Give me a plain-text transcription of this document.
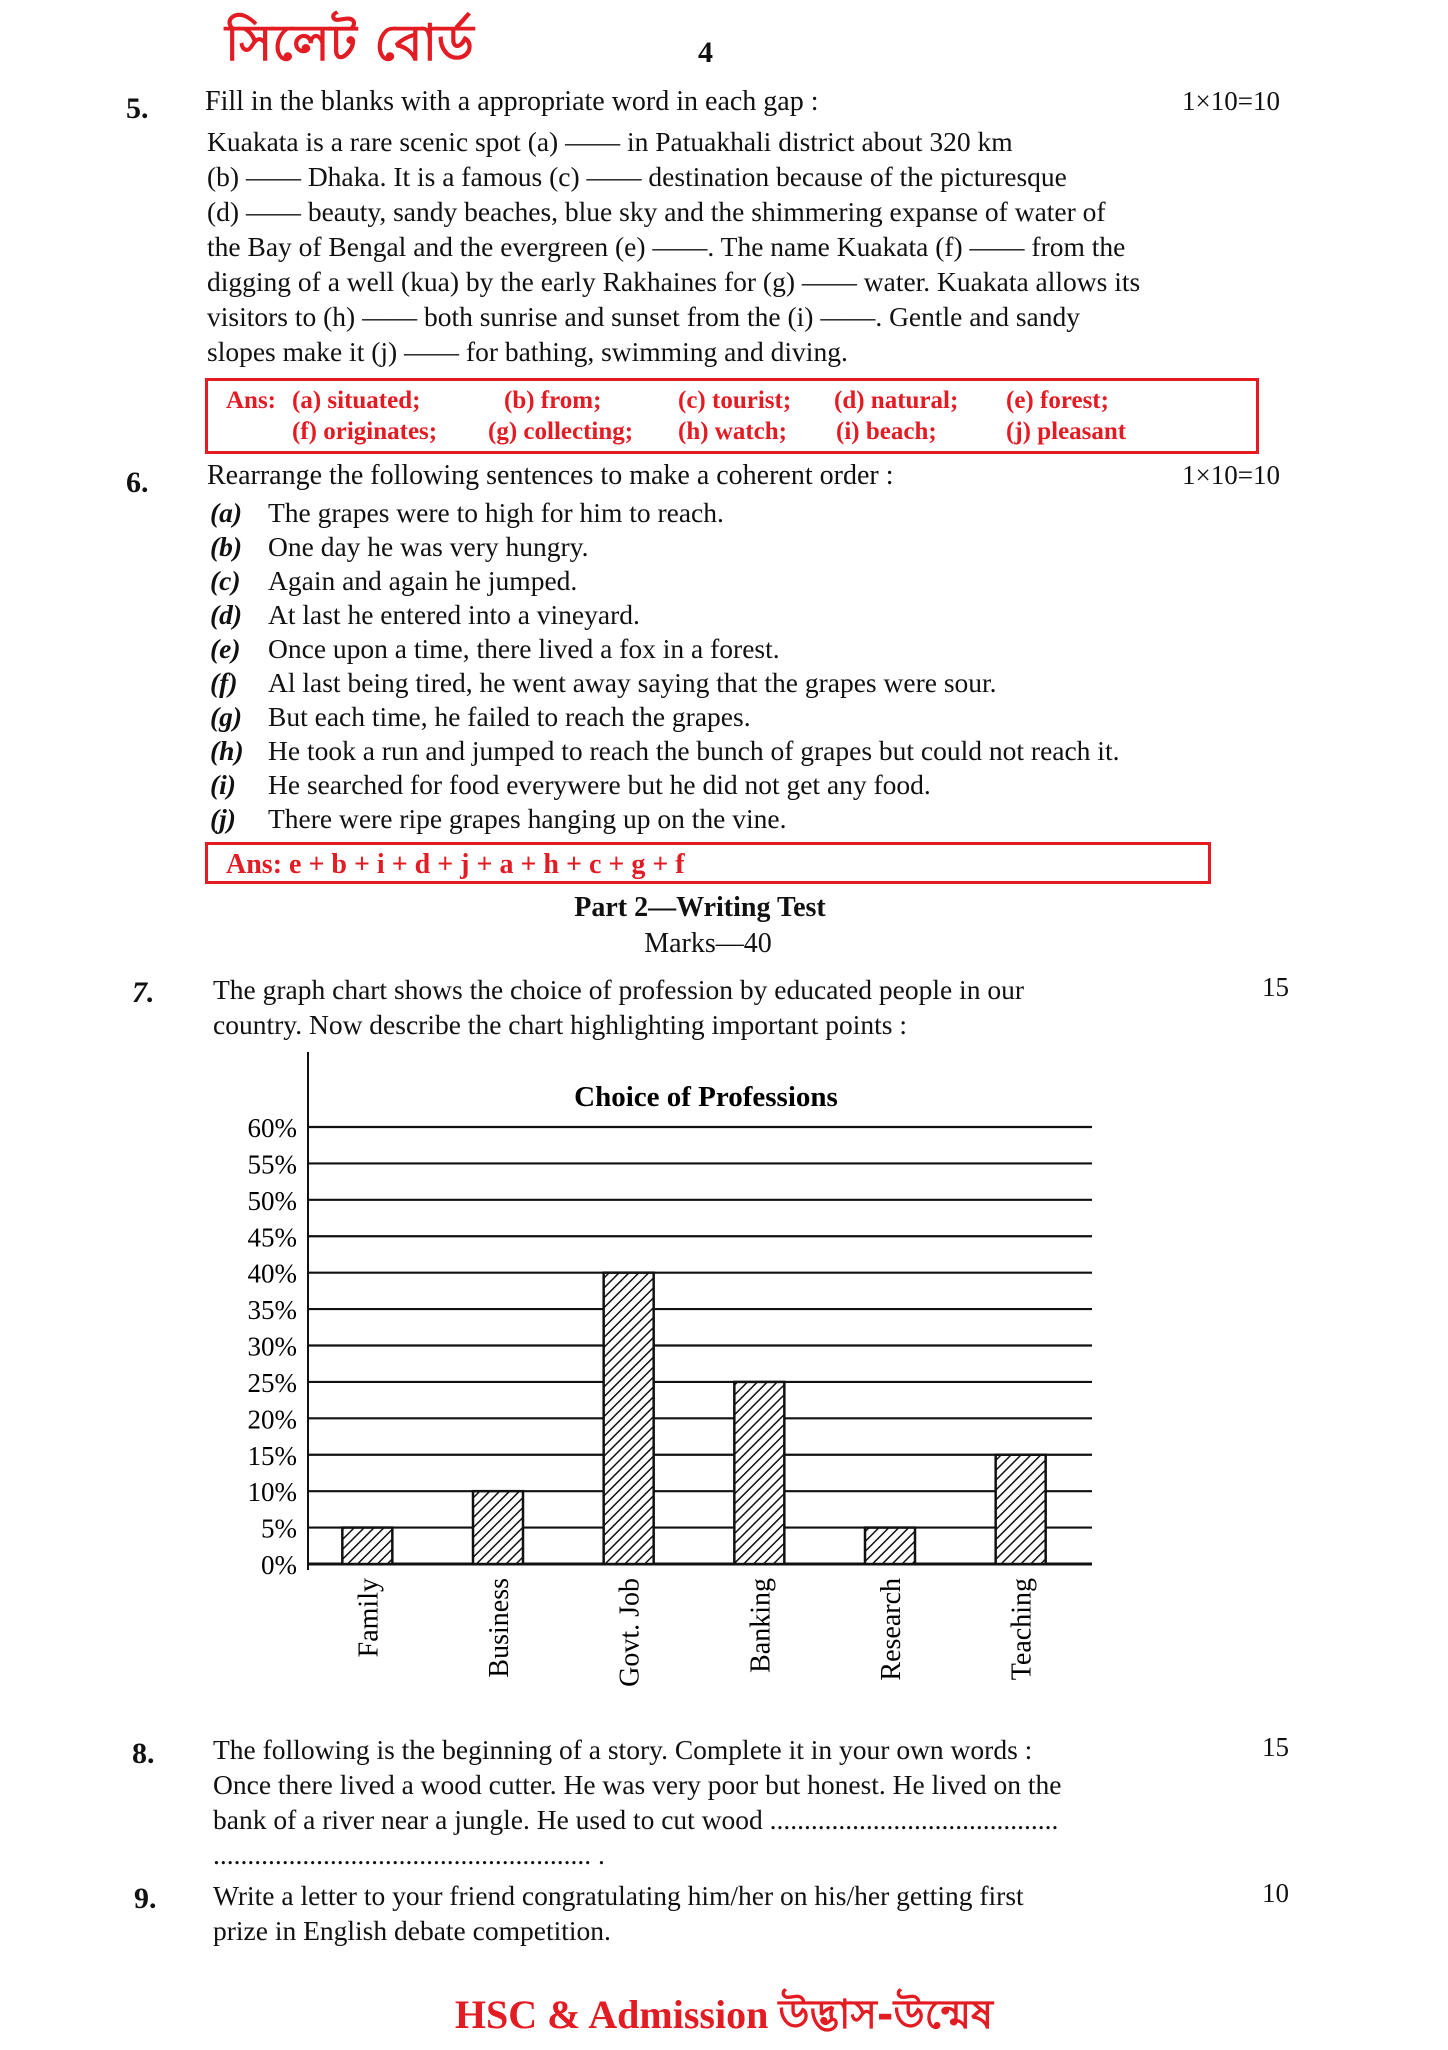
সিলেট বোর্ড	4
5. Fill in the blanks with a appropriate word in each gap :	1×10=10

Kuakata is a rare scenic spot (a) —— in Patuakhali district about 320 km

(b) —— Dhaka. It is a famous (c) —— destination because of the picturesque

(d) —— beauty, sandy beaches, blue sky and the shimmering expanse of water of

the Bay of Bengal and the evergreen (e) ——. The name Kuakata (f) —— from the

digging of a well (kua) by the early Rakhaines for (g) —— water. Kuakata allows its

visitors to (h) —— both sunrise and sunset from the (i) ——. Gentle and sandy

slopes make it (j) —— for bathing, swimming and diving.

Ans: (a) situated;	(b) from;	(c) tourist; (d) natural; (e) forest;
(f) originates; (g) collecting; (h) watch; (i) beach;	(j) pleasant
6. Rearrange the following sentences to make a coherent order :	1×10=10
(a) The grapes were to high for him to reach.
(b) One day he was very hungry.
(c) Again and again he jumped.
(d) At last he entered into a vineyard.
(e) Once upon a time, there lived a fox in a forest.
(f) Al last being tired, he went away saying that the grapes were sour.
(g) But each time, he failed to reach the grapes.
(h) He took a run and jumped to reach the bunch of grapes but could not reach it.
(i) He searched for food everywere but he did not get any food.
(j) There were ripe grapes hanging up on the vine.
Ans: e + b + i + d + j + a + h + c + g + f
Part 2—Writing Test
Marks—40
7. The graph chart shows the choice of profession by educated people in our

country. Now describe the chart highlighting important points :

15
Choice of Professions
0%
5%
10%
15%
20%
25%
30%
35%
40%
45%
50%
55%
60%
Family	Business	Govt. Job	Banking	Research	Teaching
8. The following is the beginning of a story. Complete it in your own words :

Once there lived a wood cutter. He was very poor but honest. He lived on the

bank of a river near a jungle. He used to cut wood ..........................................

....................................................... .

15
9. Write a letter to your friend congratulating him/her on his/her getting first

prize in English debate competition.

10
HSC & Admission উদ্ভাস-উন্মেষ
